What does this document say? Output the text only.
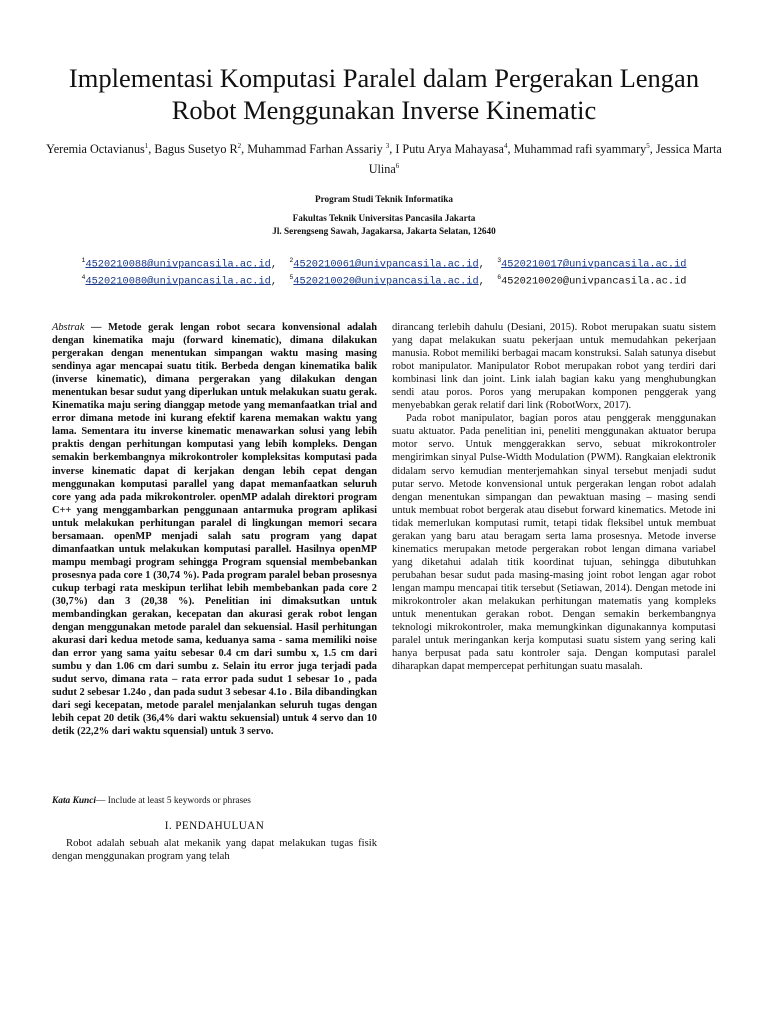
Implementasi Komputasi Paralel dalam Pergerakan Lengan Robot Menggunakan Inverse Kinematic
Yeremia Octavianus$^1$, Bagus Susetyo $R^2$, Muhammad Farhan Assariy $^3$, I Putu Arya Mahayasa$^4$, Muhammad rafi syammary$^5$, Jessica Marta Ulina$^6$
Program Studi Teknik Informatika
Fakultas Teknik Universitas Pancasila Jakarta
Jl. Serengseng Sawah, Jagakarsa, Jakarta Selatan, 12640
$^1$4520210088@univpancasila.ac.id,  $^2$4520210061@univpancasila.ac.id,  $^3$4520210017@univpancasila.ac.id
$^4$4520210080@univpancasila.ac.id,  $^5$4520210020@univpancasila.ac.id,  $^6$4520210020@univpancasila.ac.id
Abstrak — Metode gerak lengan robot secara konvensional adalah dengan kinematika maju (forward kinematic), dimana dilakukan pergerakan dengan menentukan simpangan waktu masing masing sendinya agar mencapai suatu titik. Berbeda dengan kinematika balik (inverse kinematic), dimana pergerakan yang dilakukan dengan menentukan besar sudut yang diperlukan untuk melakukan suatu gerak. Kinematika maju sering dianggap metode yang memanfaatkan trial and error dimana metode ini kurang efektif karena memakan waktu yang lama. Sementara itu inverse kinematic menawarkan solusi yang lebih praktis dengan perhitungan komputasi yang lebih kompleks. Dengan semakin berkembangnya mikrokontroler kompleksitas komputasi pada inverse kinematic dapat di kerjakan dengan lebih cepat dengan menggunakan komputasi parallel yang dapat memanfaatkan seluruh core yang ada pada mikrokontroler. openMP adalah direktori program C++ yang menggambarkan penggunaan antarmuka program aplikasi untuk melakukan perhitungan paralel di lingkungan memori secara bersamaan. openMP menjadi salah satu program yang dapat dimanfaatkan untuk melakukan komputasi parallel. Hasilnya openMP mampu membagi program sehingga Program squensial membebankan prosesnya pada core 1 (30,74 %). Pada program paralel beban prosesnya cukup terbagi rata meskipun terlihat lebih membebankan pada core 2 (30,7%) dan 3 (20,38 %). Penelitian ini dimaksutkan untuk membandingkan gerakan, kecepatan dan akurasi gerak robot lengan dengan menggunakan metode paralel dan sekuensial. Hasil perhitungan akurasi dari kedua metode sama, keduanya sama - sama memiliki noise dan error yang sama yaitu sebesar 0.4 cm dari sumbu x, 1.5 cm dari sumbu y dan 1.06 cm dari sumbu z. Selain itu error juga terjadi pada sudut servo, dimana rata – rata error pada sudut 1 sebesar 1o , pada sudut 2 sebesar 1.24o , dan pada sudut 3 sebesar 4.1o . Bila dibandingkan dari segi kecepatan, metode paralel menjalankan seluruh tugas dengan lebih cepat 20 detik (36,4% dari waktu sekuensial) untuk 4 servo dan 10 detik (22,2% dari waktu squensial) untuk 3 servo.
Kata Kunci— Include at least 5 keywords or phrases
I. PENDAHULUAN

Robot adalah sebuah alat mekanik yang dapat melakukan tugas fisik dengan menggunakan program yang telah

dirancang terlebih dahulu (Desiani, 2015). Robot merupakan suatu sistem yang dapat melakukan suatu pekerjaan untuk memudahkan pekerjaan manusia. Robot memiliki berbagai macam konstruksi. Salah satunya disebut robot manipulator. Manipulator Robot merupakan robot yang terdiri dari kombinasi link dan joint. Link ialah bagian kaku yang menghubungkan sendi atau poros. Poros yang merupakan komponen penggerak yang menyebabkan gerak relatif dari link (RobotWorx, 2017).

Pada robot manipulator, bagian poros atau penggerak menggunakan suatu aktuator. Pada penelitian ini, peneliti menggunakan aktuator berupa motor servo. Untuk menggerakkan servo, sebuat mikrokontroler mengirimkan sinyal Pulse-Width Modulation (PWM). Rangkaian elektronik didalam servo kemudian menterjemahkan sinyal tersebut menjadi sudut putar servo. Metode konvensional untuk pergerakan lengan robot adalah dengan menentukan simpangan dan pewaktuan masing – masing sendi untuk membuat robot bergerak atau disebut forward kinematics. Metode ini tidak memerlukan komputasi rumit, tetapi tidak fleksibel untuk membuat gerakan yang baru atau beragam serta lama prosesnya. Metode inverse kinematics merupakan metode pergerakan robot lengan dimana variabel yang diketahui adalah titik koordinat tujuan, sehingga dibutuhkan perubahan besar sudut pada masing-masing joint robot lengan agar robot lengan mampu mencapai titik tersebut (Setiawan, 2014). Dengan metode ini mikrokontroler akan melakukan perhitungan matematis yang kompleks untuk menentukan gerakan robot. Dengan semakin berkembangnya teknologi mikrokontroler, maka memungkinkan digunakannya komputasi paralel untuk meringankan kerja komputasi suatu sistem yang sering kali hanya berpusat pada satu kontroler saja. Dengan komputasi paralel diharapkan dapat mempercepat perhitungan suatu masalah.
